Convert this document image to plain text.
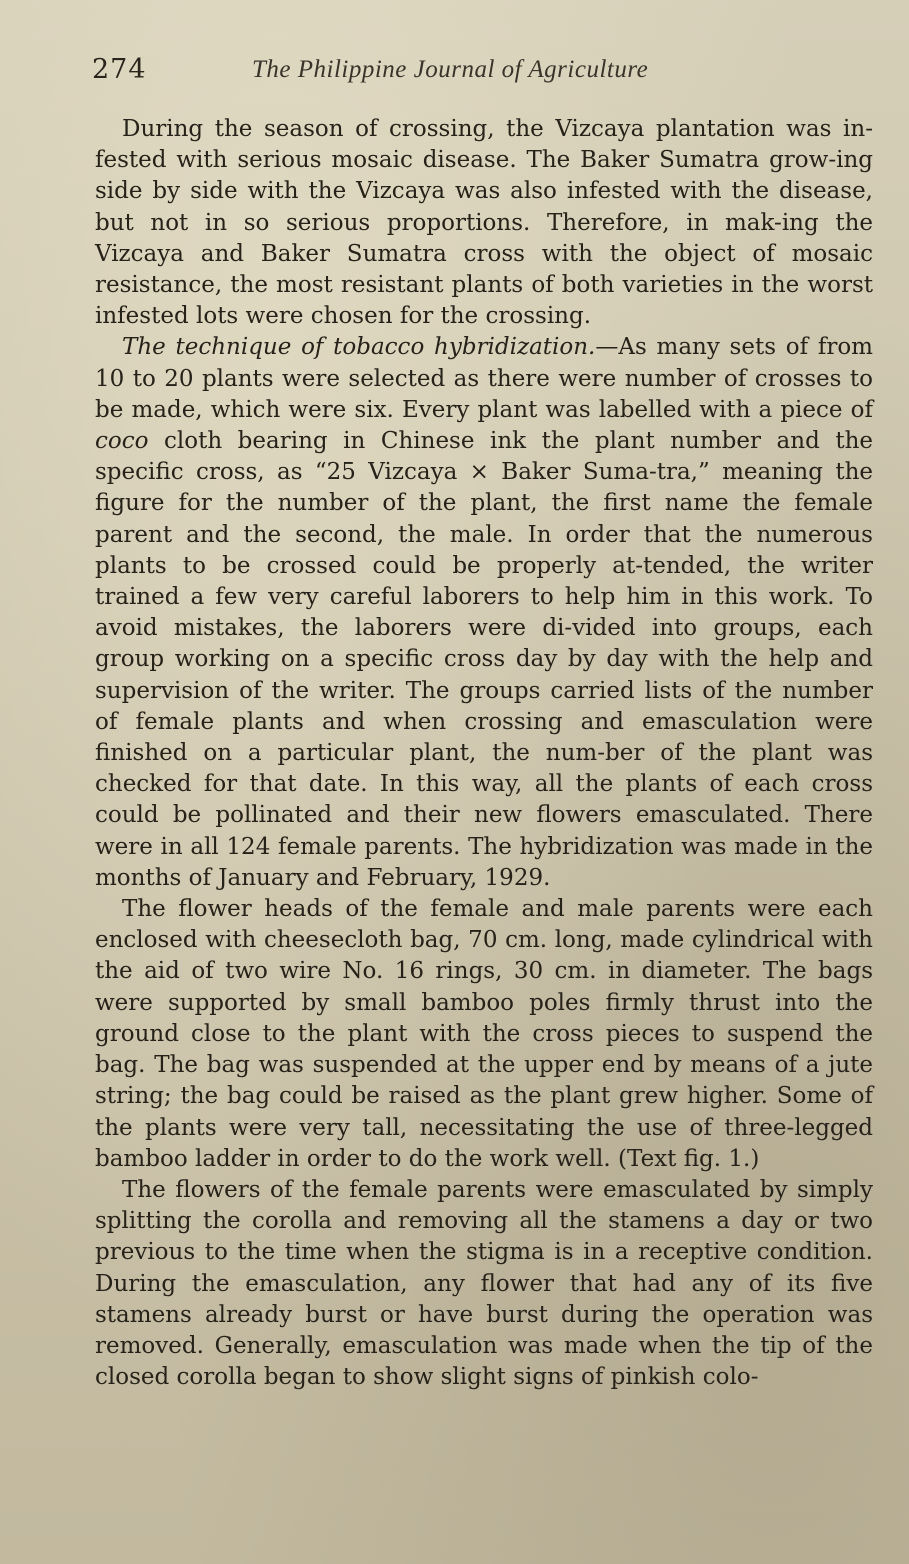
274	The Philippine Journal of Agriculture

During the season of crossing, the Vizcaya plantation was in-fested with serious mosaic disease. The Baker Sumatra grow-ing side by side with the Vizcaya was also infested with the disease, but not in so serious proportions. Therefore, in mak-ing the Vizcaya and Baker Sumatra cross with the object of mosaic resistance, the most resistant plants of both varieties in the worst infested lots were chosen for the crossing.

The technique of tobacco hybridization.—As many sets of from 10 to 20 plants were selected as there were number of crosses to be made, which were six. Every plant was labelled with a piece of coco cloth bearing in Chinese ink the plant number and the specific cross, as “25 Vizcaya × Baker Suma-tra,” meaning the figure for the number of the plant, the first name the female parent and the second, the male. In order that the numerous plants to be crossed could be properly at-tended, the writer trained a few very careful laborers to help him in this work. To avoid mistakes, the laborers were di-vided into groups, each group working on a specific cross day by day with the help and supervision of the writer. The groups carried lists of the number of female plants and when crossing and emasculation were finished on a particular plant, the num-ber of the plant was checked for that date. In this way, all the plants of each cross could be pollinated and their new flowers emasculated. There were in all 124 female parents. The hybridization was made in the months of January and February, 1929.

The flower heads of the female and male parents were each enclosed with cheesecloth bag, 70 cm. long, made cylindrical with the aid of two wire No. 16 rings, 30 cm. in diameter. The bags were supported by small bamboo poles firmly thrust into the ground close to the plant with the cross pieces to suspend the bag. The bag was suspended at the upper end by means of a jute string; the bag could be raised as the plant grew higher. Some of the plants were very tall, necessitating the use of three-legged bamboo ladder in order to do the work well. (Text fig. 1.)

The flowers of the female parents were emasculated by simply splitting the corolla and removing all the stamens a day or two previous to the time when the stigma is in a receptive condition. During the emasculation, any flower that had any of its five stamens already burst or have burst during the operation was removed. Generally, emasculation was made when the tip of the closed corolla began to show slight signs of pinkish colo-
